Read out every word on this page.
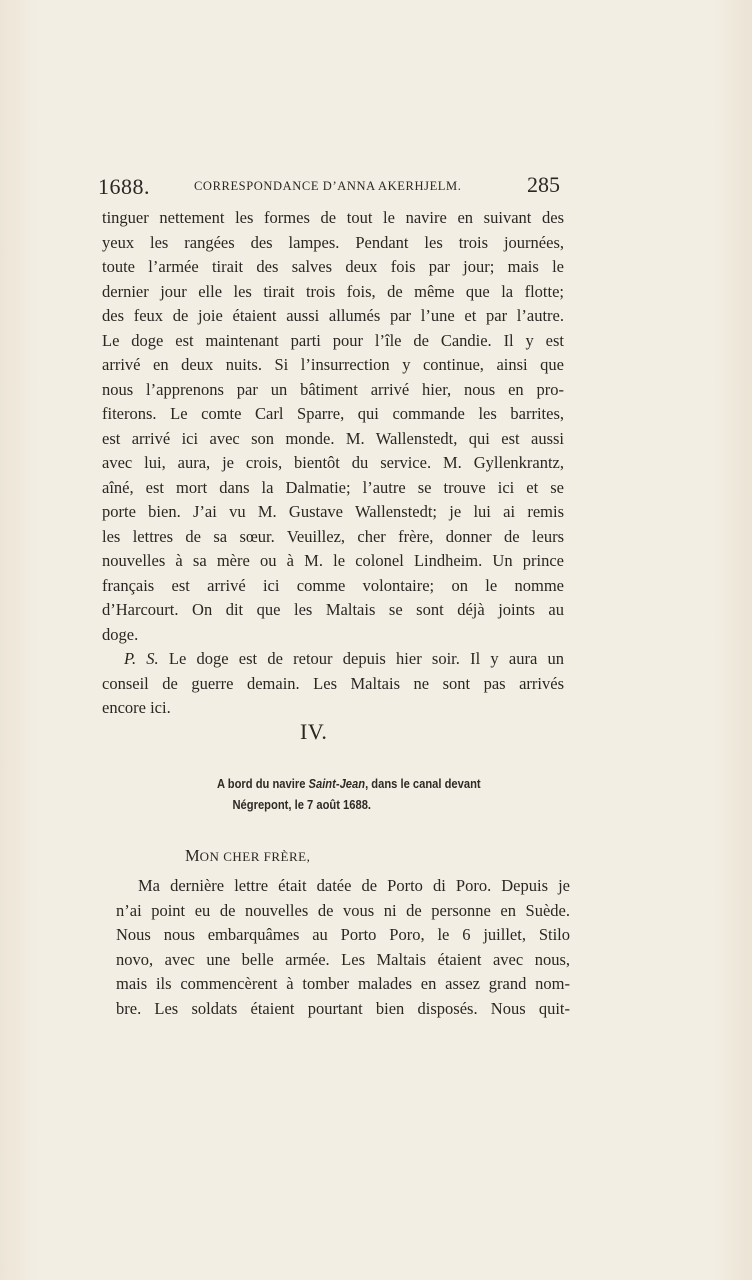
1688.	CORRESPONDANCE D’ANNA AKERHJELM.	285
tinguer nettement les formes de tout le navire en suivant des
yeux les rangées des lampes. Pendant les trois journées,
toute l’armée tirait des salves deux fois par jour; mais le
dernier jour elle les tirait trois fois, de même que la flotte;
des feux de joie étaient aussi allumés par l’une et par l’autre.
Le doge est maintenant parti pour l’île de Candie. Il y est
arrivé en deux nuits. Si l’insurrection y continue, ainsi que
nous l’apprenons par un bâtiment arrivé hier, nous en pro-
fiterons. Le comte Carl Sparre, qui commande les barrites,
est arrivé ici avec son monde. M. Wallenstedt, qui est aussi
avec lui, aura, je crois, bientôt du service. M. Gyllenkrantz,
aîné, est mort dans la Dalmatie; l’autre se trouve ici et se
porte bien. J’ai vu M. Gustave Wallenstedt; je lui ai remis
les lettres de sa sœur. Veuillez, cher frère, donner de leurs
nouvelles à sa mère ou à M. le colonel Lindheim. Un prince
français est arrivé ici comme volontaire; on le nomme
d’Harcourt. On dit que les Maltais se sont déjà joints au
doge.
P. S. Le doge est de retour depuis hier soir. Il y aura un
conseil de guerre demain. Les Maltais ne sont pas arrivés
encore ici.
IV.
A bord du navire Saint-Jean, dans le canal devant
Négrepont, le 7 août 1688.
MON CHER FRÈRE,
Ma dernière lettre était datée de Porto di Poro. Depuis je
n’ai point eu de nouvelles de vous ni de personne en Suède.
Nous nous embarquâmes au Porto Poro, le 6 juillet, Stilo
novo, avec une belle armée. Les Maltais étaient avec nous,
mais ils commencèrent à tomber malades en assez grand nom-
bre. Les soldats étaient pourtant bien disposés. Nous quit-
